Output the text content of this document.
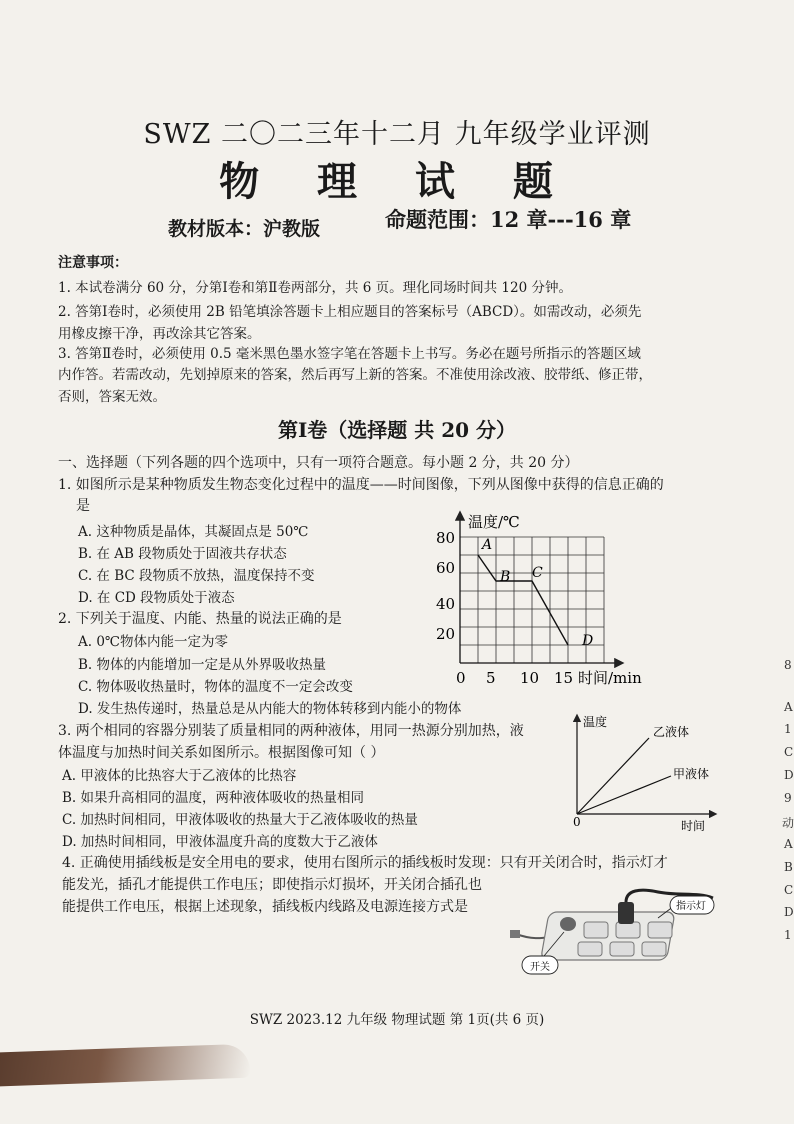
SWZ 二〇二三年十二月 九年级学业评测
物 理 试 题
教材版本：沪教版	命题范围：12 章---16 章
注意事项：
1. 本试卷满分 60 分，分第Ⅰ卷和第Ⅱ卷两部分，共 6 页。理化同场时间共 120 分钟。
2. 答第Ⅰ卷时，必须使用 2B 铅笔填涂答题卡上相应题目的答案标号（ABCD）。如需改动，必须先
用橡皮擦干净，再改涂其它答案。
3. 答第Ⅱ卷时，必须使用 0.5 毫米黑色墨水签字笔在答题卡上书写。务必在题号所指示的答题区域
内作答。若需改动，先划掉原来的答案，然后再写上新的答案。不准使用涂改液、胶带纸、修正带，
否则，答案无效。
第Ⅰ卷（选择题 共 20 分）
一、选择题（下列各题的四个选项中，只有一项符合题意。每小题 2 分，共 20 分）
1. 如图所示是某种物质发生物态变化过程中的温度——时间图像，下列从图像中获得的信息正确的
是
A. 这种物质是晶体，其凝固点是 50℃
B. 在 AB 段物质处于固液共存状态
C. 在 BC 段物质不放热，温度保持不变
D. 在 CD 段物质处于液态
2. 下列关于温度、内能、热量的说法正确的是
A. 0℃物体内能一定为零
B. 物体的内能增加一定是从外界吸收热量
C. 物体吸收热量时，物体的温度不一定会改变
D. 发生热传递时，热量总是从内能大的物体转移到内能小的物体
3. 两个相同的容器分别装了质量相同的两种液体，用同一热源分别加热，液
体温度与加热时间关系如图所示。根据图像可知（ ）
A. 甲液体的比热容大于乙液体的比热容
B. 如果升高相同的温度，两种液体吸收的热量相同
C. 加热时间相同，甲液体吸收的热量大于乙液体吸收的热量
D. 加热时间相同，甲液体温度升高的度数大于乙液体
4. 正确使用插线板是安全用电的要求，使用右图所示的插线板时发现：只有开关闭合时，指示灯才
能发光，插孔才能提供工作电压；即使指示灯损坏，开关闭合插孔也
能提供工作电压，根据上述现象，插线板内线路及电源连接方式是
温度/℃
80
60
40
20
0 5 10 15 时间/min
A
B C
D
温度
0	时间
乙液体
甲液体
开关
指示灯
8
A
1
C
D
9
动
A
B
C
D
1
SWZ 2023.12 九年级 物理试题 第 1页(共 6 页)
